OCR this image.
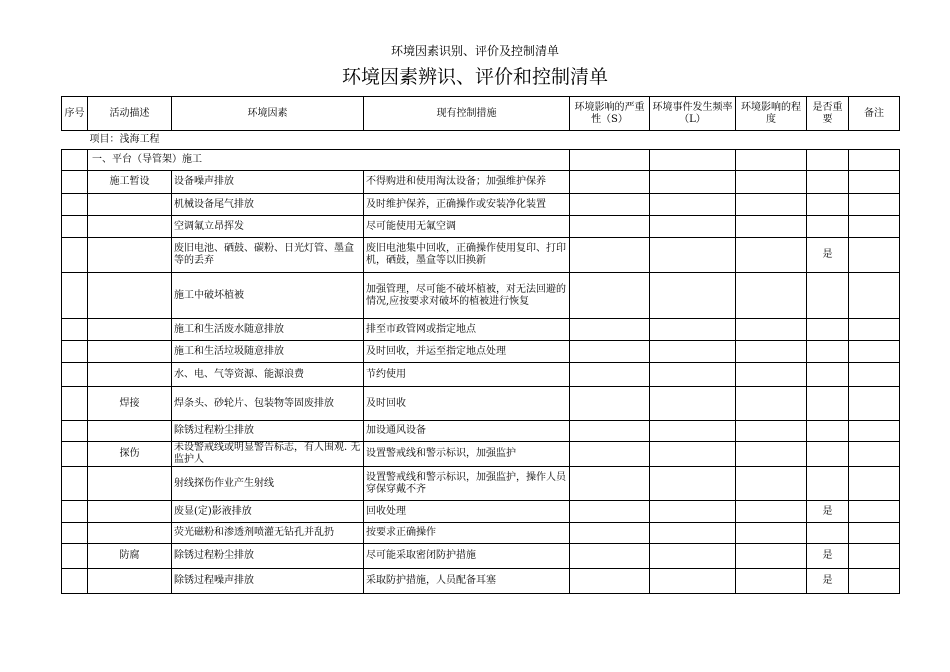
环境因素识别、评价及控制清单
环境因素辨识、评价和控制清单
序号	活动描述	环境因素	现有控制措施	环境影响的严重性（S）	环境事件发生频率（L）	环境影响的程度	是否重要	备注
项目：浅海工程								
	一、平台（导管架）施工							
	施工暂设	设备噪声排放	不得购进和使用淘汰设备；加强维护保养					
		机械设备尾气排放	及时维护保养，正确操作或安装净化装置					
		空调氟立昂挥发	尽可能使用无氟空调					
		废旧电池、硒鼓、碳粉、日光灯管、墨盒等的丢弃	废旧电池集中回收，正确操作使用复印、打印机，硒鼓，墨盒等以旧换新				是	
		施工中破坏植被	加强管理，尽可能不破坏植被，对无法回避的情况,应按要求对破坏的植被进行恢复					
		施工和生活废水随意排放	排至市政管网或指定地点					
		施工和生活垃圾随意排放	及时回收，并运至指定地点处理					
		水、电、气等资源、能源浪费	节约使用					
	焊接	焊条头、砂轮片、包装物等固废排放	及时回收					
		除锈过程粉尘排放	加设通风设备					
	探伤	未设警戒线或明显警告标志，有人围观. 无监护人	设置警戒线和警示标识，加强监护					
		射线探伤作业产生射线	设置警戒线和警示标识，加强监护，操作人员穿保穿戴不齐					
		废显(定)影液排放	回收处理				是	
		荧光磁粉和渗透剂喷灌无钻孔并乱扔	按要求正确操作					
	防腐	除锈过程粉尘排放	尽可能采取密闭防护措施				是	
		除锈过程噪声排放	采取防护措施，人员配备耳塞				是	
